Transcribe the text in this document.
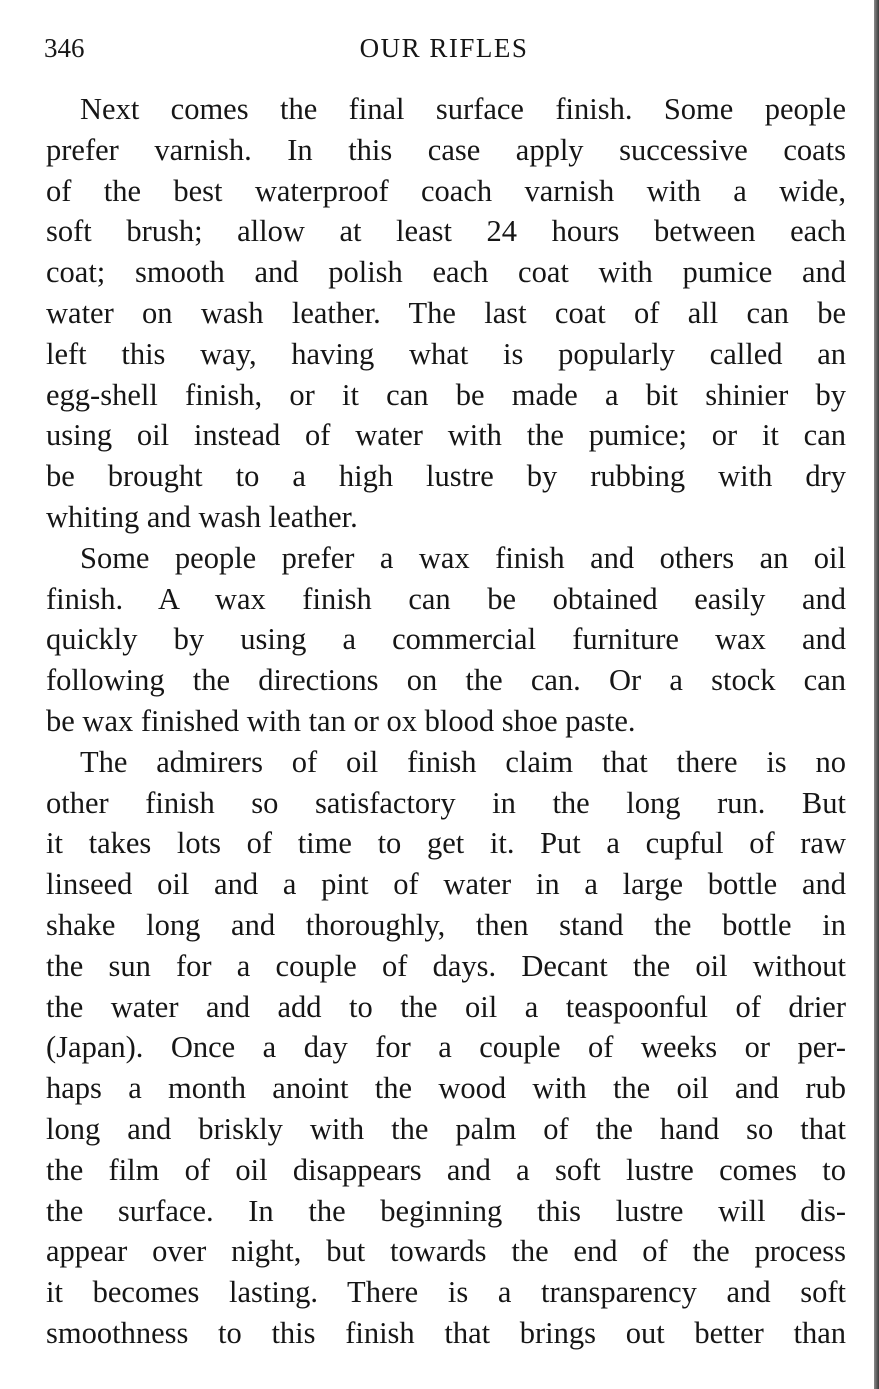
346	OUR RIFLES
Next comes the final surface finish. Some people
prefer varnish. In this case apply successive coats
of the best waterproof coach varnish with a wide,
soft brush; allow at least 24 hours between each
coat; smooth and polish each coat with pumice and
water on wash leather. The last coat of all can be
left this way, having what is popularly called an
egg-shell finish, or it can be made a bit shinier by
using oil instead of water with the pumice; or it can
be brought to a high lustre by rubbing with dry
whiting and wash leather.
Some people prefer a wax finish and others an oil
finish. A wax finish can be obtained easily and
quickly by using a commercial furniture wax and
following the directions on the can. Or a stock can
be wax finished with tan or ox blood shoe paste.
The admirers of oil finish claim that there is no
other finish so satisfactory in the long run. But
it takes lots of time to get it. Put a cupful of raw
linseed oil and a pint of water in a large bottle and
shake long and thoroughly, then stand the bottle in
the sun for a couple of days. Decant the oil without
the water and add to the oil a teaspoonful of drier
(Japan). Once a day for a couple of weeks or per-
haps a month anoint the wood with the oil and rub
long and briskly with the palm of the hand so that
the film of oil disappears and a soft lustre comes to
the surface. In the beginning this lustre will dis-
appear over night, but towards the end of the process
it becomes lasting. There is a transparency and soft
smoothness to this finish that brings out better than
